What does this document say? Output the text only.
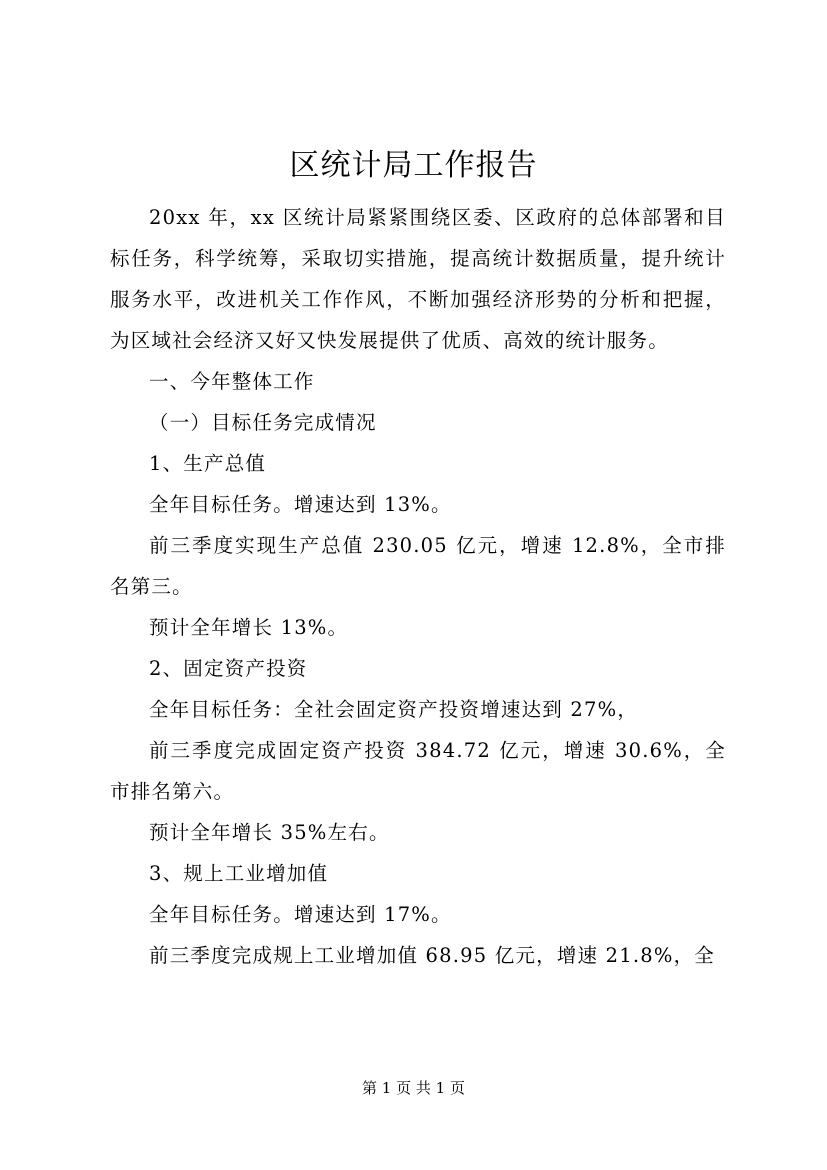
区统计局工作报告

20xx 年，xx 区统计局紧紧围绕区委、区政府的总体部署和目标任务，科学统筹，采取切实措施，提高统计数据质量，提升统计服务水平，改进机关工作作风，不断加强经济形势的分析和把握，为区域社会经济又好又快发展提供了优质、高效的统计服务。

一、今年整体工作

（一）目标任务完成情况

1、生产总值

全年目标任务。增速达到 13%。

前三季度实现生产总值 230.05 亿元，增速 12.8%，全市排名第三。

预计全年增长 13%。

2、固定资产投资

全年目标任务：全社会固定资产投资增速达到 27%，

前三季度完成固定资产投资 384.72 亿元，增速 30.6%，全市排名第六。

预计全年增长 35%左右。

3、规上工业增加值

全年目标任务。增速达到 17%。

前三季度完成规上工业增加值 68.95 亿元，增速 21.8%，全

第 1 页 共 1 页
